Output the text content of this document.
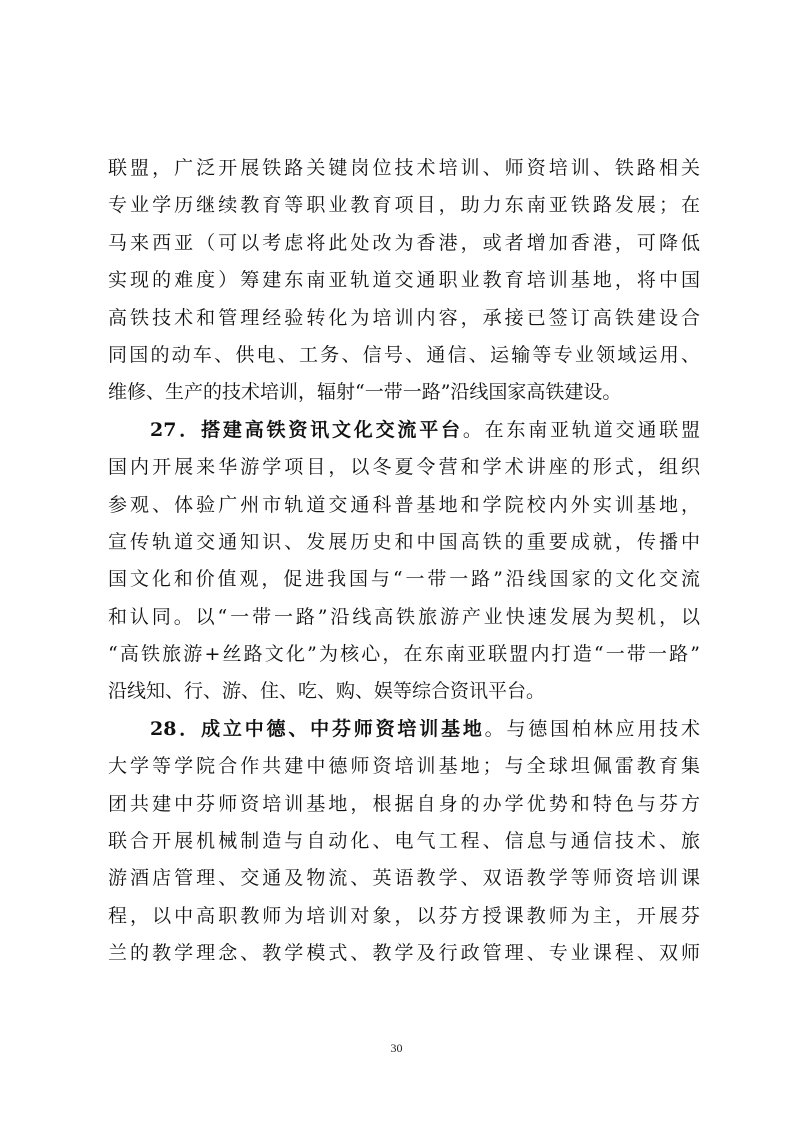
联盟，广泛开展铁路关键岗位技术培训、师资培训、铁路相关
专业学历继续教育等职业教育项目，助力东南亚铁路发展；在
马来西亚（可以考虑将此处改为香港，或者增加香港，可降低
实现的难度）筹建东南亚轨道交通职业教育培训基地，将中国
高铁技术和管理经验转化为培训内容，承接已签订高铁建设合
同国的动车、供电、工务、信号、通信、运输等专业领域运用、
维修、生产的技术培训，辐射“一带一路”沿线国家高铁建设。
27．搭建高铁资讯文化交流平台。在东南亚轨道交通联盟
国内开展来华游学项目，以冬夏令营和学术讲座的形式，组织
参观、体验广州市轨道交通科普基地和学院校内外实训基地，
宣传轨道交通知识、发展历史和中国高铁的重要成就，传播中
国文化和价值观，促进我国与“一带一路”沿线国家的文化交流
和认同。以“一带一路”沿线高铁旅游产业快速发展为契机，以
“高铁旅游+丝路文化”为核心，在东南亚联盟内打造“一带一路”
沿线知、行、游、住、吃、购、娱等综合资讯平台。
28．成立中德、中芬师资培训基地。与德国柏林应用技术
大学等学院合作共建中德师资培训基地；与全球坦佩雷教育集
团共建中芬师资培训基地，根据自身的办学优势和特色与芬方
联合开展机械制造与自动化、电气工程、信息与通信技术、旅
游酒店管理、交通及物流、英语教学、双语教学等师资培训课
程，以中高职教师为培训对象，以芬方授课教师为主，开展芬
兰的教学理念、教学模式、教学及行政管理、专业课程、双师
30
